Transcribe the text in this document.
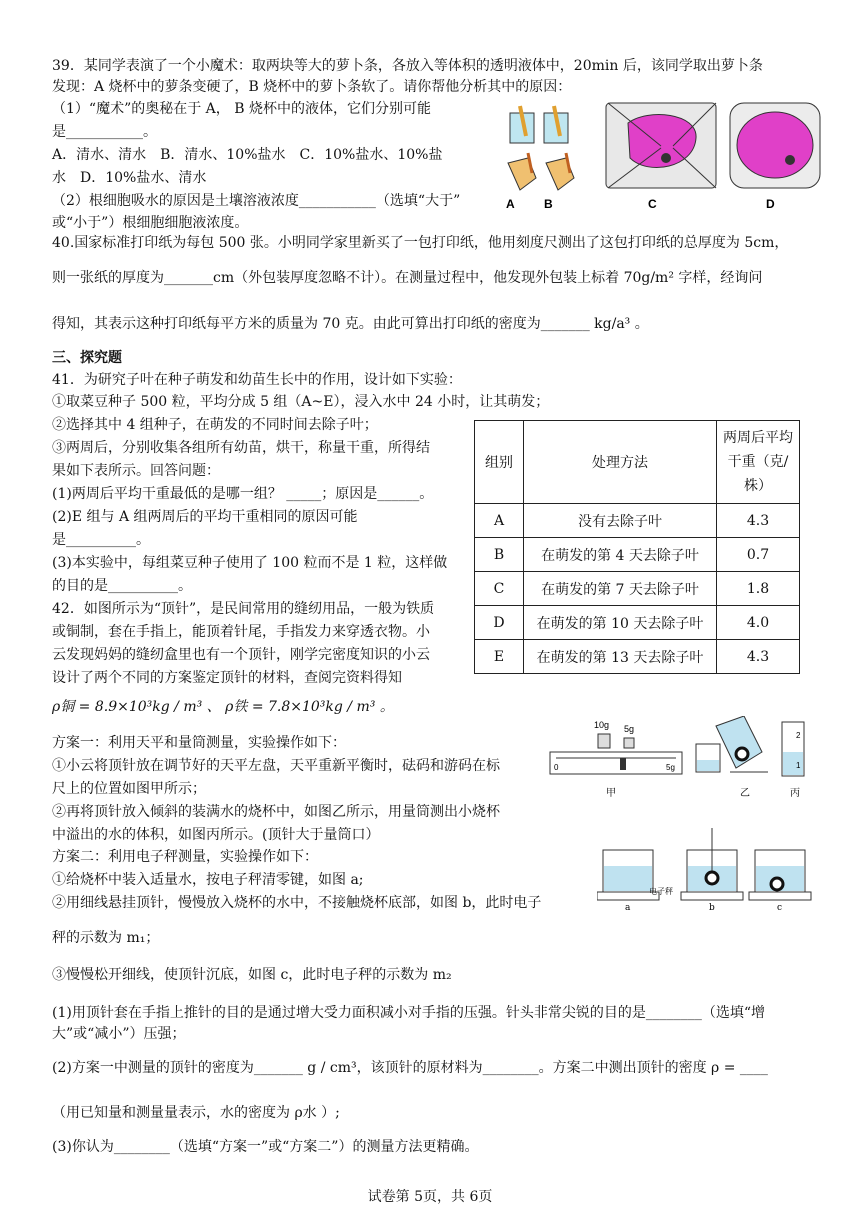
39．某同学表演了一个小魔术：取两块等大的萝卜条，各放入等体积的透明液体中，20min 后，该同学取出萝卜条
发现：A 烧杯中的萝条变硬了，B 烧杯中的萝卜条软了。请你帮他分析其中的原因：
（1）“魔术”的奥秘在于 A， B 烧杯中的液体，它们分别可能
是___________。
A．清水、清水　B．清水、10%盐水　C．10%盐水、10%盐
水　D．10%盐水、清水
（2）根细胞吸水的原因是土壤溶液浓度___________（选填“大于”
或“小于”）根细胞细胞液浓度。
A B	C	D
40.国家标准打印纸为每包 500 张。小明同学家里新买了一包打印纸，他用刻度尺测出了这包打印纸的总厚度为 5cm，
则一张纸的厚度为_______cm（外包装厚度忽略不计）。在测量过程中，他发现外包装上标着 70g/m² 字样，经询问
得知，其表示这种打印纸每平方米的质量为 70 克。由此可算出打印纸的密度为_______ kg/a³ 。
三、探究题
41．为研究子叶在种子萌发和幼苗生长中的作用，设计如下实验：
①取菜豆种子 500 粒，平均分成 5 组（A~E），浸入水中 24 小时，让其萌发；
②选择其中 4 组种子，在萌发的不同时间去除子叶；
③两周后，分别收集各组所有幼苗，烘干，称量干重，所得结
果如下表所示。回答问题：
(1)两周后平均干重最低的是哪一组？ _____；原因是______。
(2)E 组与 A 组两周后的平均干重相同的原因可能
是__________。
(3)本实验中，每组菜豆种子使用了 100 粒而不是 1 粒，这样做
的目的是__________。
组别	处理方法	两周后平均干重（克/株）
A	没有去除子叶	4.3
B	在萌发的第 4 天去除子叶	0.7
C	在萌发的第 7 天去除子叶	1.8
D	在萌发的第 10 天去除子叶	4.0
E	在萌发的第 13 天去除子叶	4.3
42．如图所示为“顶针”，是民间常用的缝纫用品，一般为铁质
或铜制，套在手指上，能顶着针尾，手指发力来穿透衣物。小
云发现妈妈的缝纫盒里也有一个顶针，刚学完密度知识的小云
设计了两个不同的方案鉴定顶针的材料，查阅完资料得知
ρ铜 = 8.9×10³kg / m³ 、 ρ铁 = 7.8×10³kg / m³ 。
方案一：利用天平和量筒测量，实验操作如下：
①小云将顶针放在调节好的天平左盘，天平重新平衡时，砝码和游码在标
尺上的位置如图甲所示；
②再将顶针放入倾斜的装满水的烧杯中，如图乙所示，用量筒测出小烧杯
中溢出的水的体积，如图丙所示。(顶针大于量筒口）
方案二：利用电子秤测量，实验操作如下：
①给烧杯中装入适量水，按电子秤清零键，如图 a;
②用细线悬挂顶针，慢慢放入烧杯的水中，不接触烧杯底部，如图 b，此时电子
秤的示数为 m₁；
③慢慢松开细线，使顶针沉底，如图 c，此时电子秤的示数为 m₂
(1)用顶针套在手指上推针的目的是通过增大受力面积减小对手指的压强。针头非常尖锐的目的是________（选填“增
大”或“减小”）压强；
(2)方案一中测量的顶针的密度为_______ g / cm³，该顶针的原材料为________。方案二中测出顶针的密度 ρ = ____
（用已知量和测量量表示，水的密度为 ρ水 ）;
(3)你认为________（选填“方案一”或“方案二”）的测量方法更精确。
10g 5g
0	5g
2
1
甲	乙	丙
电子秤
a	b	c
试卷第 5页，共 6页
